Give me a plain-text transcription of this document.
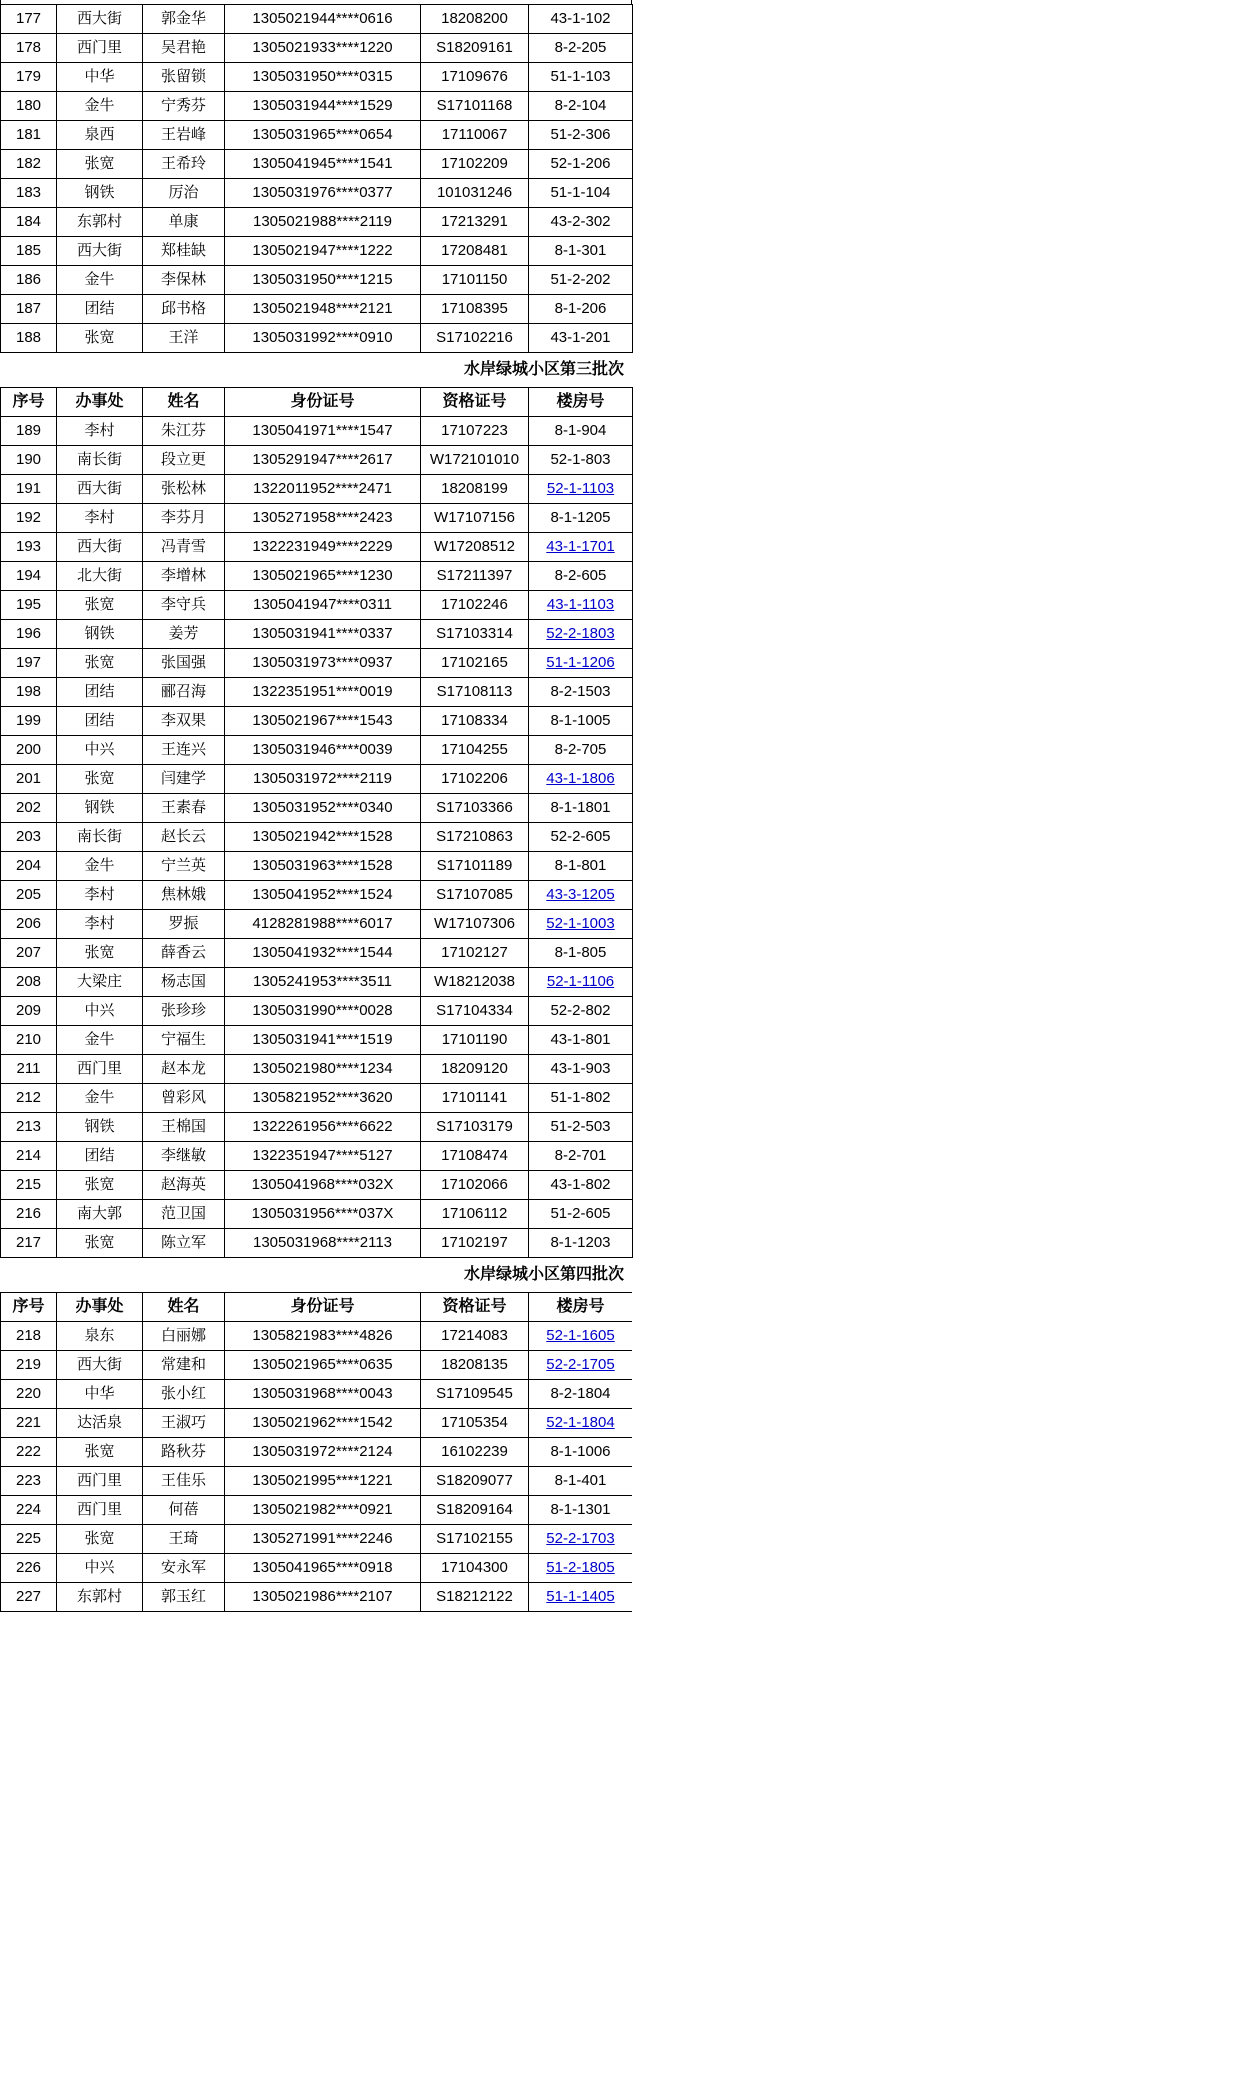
177	西大街	郭金华	1305021944****0616	18208200	43-1-102	
178	西门里	吴君艳	1305021933****1220	S18209161	8-2-205	
179	中华	张留锁	1305031950****0315	17109676	51-1-103	
180	金牛	宁秀芬	1305031944****1529	S17101168	8-2-104	
181	泉西	王岩峰	1305031965****0654	17110067	51-2-306	
182	张宽	王希玲	1305041945****1541	17102209	52-1-206	
183	钢铁	厉治	1305031976****0377	101031246	51-1-104	
184	东郭村	单康	1305021988****2119	17213291	43-2-302	
185	西大街	郑桂缺	1305021947****1222	17208481	8-1-301	
186	金牛	李保林	1305031950****1215	17101150	51-2-202	
187	团结	邱书格	1305021948****2121	17108395	8-1-206	
188	张宽	王洋	1305031992****0910	S17102216	43-1-201	
水岸绿城小区第三批次
序号	办事处	姓名	身份证号	资格证号	楼房号	
189	李村	朱江芬	1305041971****1547	17107223	8-1-904	
190	南长街	段立更	1305291947****2617	W172101010	52-1-803	
191	西大街	张松林	1322011952****2471	18208199	52-1-1103	
192	李村	李芬月	1305271958****2423	W17107156	8-1-1205	
193	西大街	冯青雪	1322231949****2229	W17208512	43-1-1701	
194	北大街	李增林	1305021965****1230	S17211397	8-2-605	
195	张宽	李守兵	1305041947****0311	17102246	43-1-1103	
196	钢铁	姜芳	1305031941****0337	S17103314	52-2-1803	
197	张宽	张国强	1305031973****0937	17102165	51-1-1206	
198	团结	郦召海	1322351951****0019	S17108113	8-2-1503	
199	团结	李双果	1305021967****1543	17108334	8-1-1005	
200	中兴	王连兴	1305031946****0039	17104255	8-2-705	
201	张宽	闫建学	1305031972****2119	17102206	43-1-1806	
202	钢铁	王素春	1305031952****0340	S17103366	8-1-1801	
203	南长街	赵长云	1305021942****1528	S17210863	52-2-605	
204	金牛	宁兰英	1305031963****1528	S17101189	8-1-801	
205	李村	焦林娥	1305041952****1524	S17107085	43-3-1205	
206	李村	罗振	4128281988****6017	W17107306	52-1-1003	
207	张宽	薛香云	1305041932****1544	17102127	8-1-805	
208	大梁庄	杨志国	1305241953****3511	W18212038	52-1-1106	
209	中兴	张珍珍	1305031990****0028	S17104334	52-2-802	
210	金牛	宁福生	1305031941****1519	17101190	43-1-801	
211	西门里	赵本龙	1305021980****1234	18209120	43-1-903	
212	金牛	曾彩风	1305821952****3620	17101141	51-1-802	
213	钢铁	王棉国	1322261956****6622	S17103179	51-2-503	
214	团结	李继敏	1322351947****5127	17108474	8-2-701	
215	张宽	赵海英	1305041968****032X	17102066	43-1-802	
216	南大郭	范卫国	1305031956****037X	17106112	51-2-605	
217	张宽	陈立军	1305031968****2113	17102197	8-1-1203	
水岸绿城小区第四批次
序号	办事处	姓名	身份证号	资格证号	楼房号	
218	泉东	白丽娜	1305821983****4826	17214083	52-1-1605	
219	西大街	常建和	1305021965****0635	18208135	52-2-1705	
220	中华	张小红	1305031968****0043	S17109545	8-2-1804	
221	达活泉	王淑巧	1305021962****1542	17105354	52-1-1804	
222	张宽	路秋芬	1305031972****2124	16102239	8-1-1006	
223	西门里	王佳乐	1305021995****1221	S18209077	8-1-401	
224	西门里	何蓓	1305021982****0921	S18209164	8-1-1301	
225	张宽	王琦	1305271991****2246	S17102155	52-2-1703	
226	中兴	安永军	1305041965****0918	17104300	51-2-1805	
227	东郭村	郭玉红	1305021986****2107	S18212122	51-1-1405	
